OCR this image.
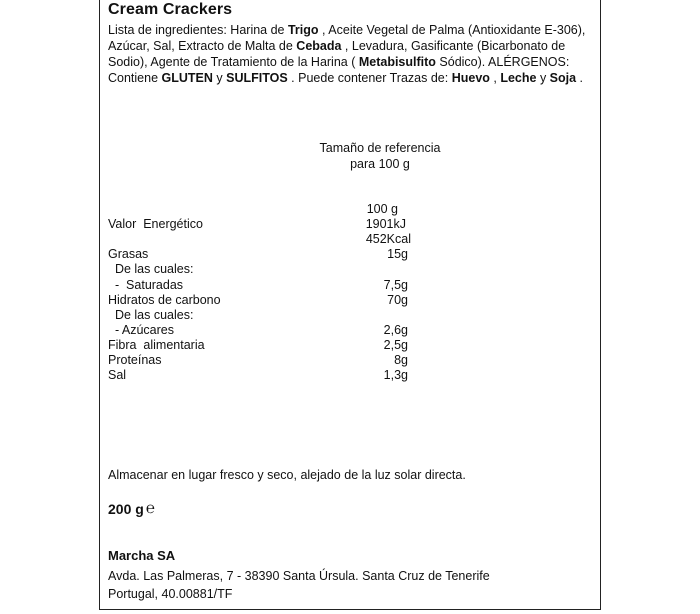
Cream Crackers
Lista de ingredientes: Harina de Trigo , Aceite Vegetal de Palma (Antioxidante E-306), Azúcar, Sal, Extracto de Malta de Cebada , Levadura, Gasificante (Bicarbonato de Sodio), Agente de Tratamiento de la Harina ( Metabisulfito Sódico). ALÉRGENOS: Contiene GLUTEN y SULFITOS . Puede contener Trazas de: Huevo , Leche y Soja .
Tamaño de referencia
para 100 g
100 g
Valor  Energético	1901kJ
452Kcal
Grasas	15g
De las cuales:
-  Saturadas	7,5g
Hidratos de carbono	70g
De las cuales:
- Azúcares	2,6g
Fibra  alimentaria	2,5g
Proteínas	8g
Sal	1,3g
Almacenar en lugar fresco y seco, alejado de la luz solar directa.
200 g ℮
Marcha SA
Avda. Las Palmeras, 7 - 38390 Santa Úrsula. Santa Cruz de Tenerife
Portugal, 40.00881/TF
